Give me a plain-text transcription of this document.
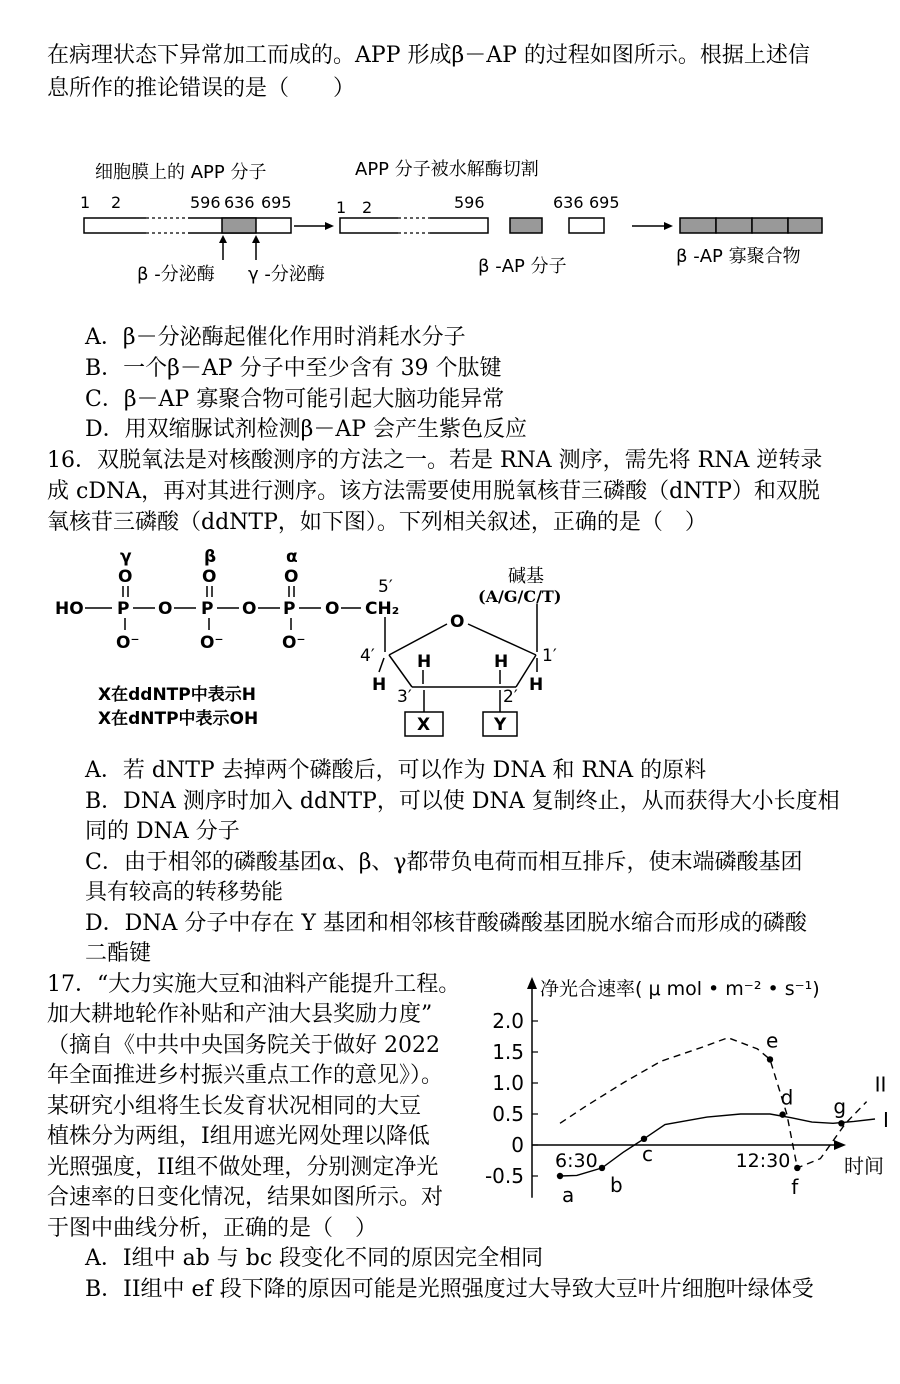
在病理状态下异常加工而成的。APP 形成β－AP 的过程如图所示。根据上述信
息所作的推论错误的是（　　）
细胞膜上的 APP 分子	APP 分子被水解酶切割
1 2	596 636 695
β -分泌酶 γ -分泌酶
1 2	596	636 695
β -AP 分子	β -AP 寡聚合物
A．β－分泌酶起催化作用时消耗水分子
B．一个β－AP 分子中至少含有 39 个肽键
C．β－AP 寡聚合物可能引起大脑功能异常
D．用双缩脲试剂检测β－AP 会产生紫色反应
16．双脱氧法是对核酸测序的方法之一。若是 RNA 测序，需先将 RNA 逆转录
成 cDNA，再对其进行测序。该方法需要使用脱氧核苷三磷酸（dNTP）和双脱
氧核苷三磷酸（ddNTP，如下图）。下列相关叙述，正确的是（　）
γ	β	α
O	O	O
HO P O P O P O CH₂
O⁻	O⁻	O⁻
5′
O
4′	1′
3′	2′
H	H
H	H
X	Y
碱基
(A/G/C/T)
X在ddNTP中表示H
X在dNTP中表示OH
A．若 dNTP 去掉两个磷酸后，可以作为 DNA 和 RNA 的原料
B．DNA 测序时加入 ddNTP，可以使 DNA 复制终止，从而获得大小长度相
同的 DNA 分子
C．由于相邻的磷酸基团α、β、γ都带负电荷而相互排斥，使末端磷酸基团
具有较高的转移势能
D．DNA 分子中存在 Y 基团和相邻核苷酸磷酸基团脱水缩合而形成的磷酸
二酯键
17．“大力实施大豆和油料产能提升工程。
加大耕地轮作补贴和产油大县奖励力度”
（摘自《中共中央国务院关于做好 2022
年全面推进乡村振兴重点工作的意见》）。
某研究小组将生长发育状况相同的大豆
植株分为两组，I组用遮光网处理以降低
光照强度，II组不做处理，分别测定净光
合速率的日变化情况，结果如图所示。对
于图中曲线分析，正确的是（　）
净光合速率( μ mol • m⁻² • s⁻¹)
时间
2.0
1.5
1.0
0.5
0
-0.5
6:30	12:30
I
II
a b
c
d
e
f
g
A．I组中 ab 与 bc 段变化不同的原因完全相同
B．II组中 ef 段下降的原因可能是光照强度过大导致大豆叶片细胞叶绿体受
